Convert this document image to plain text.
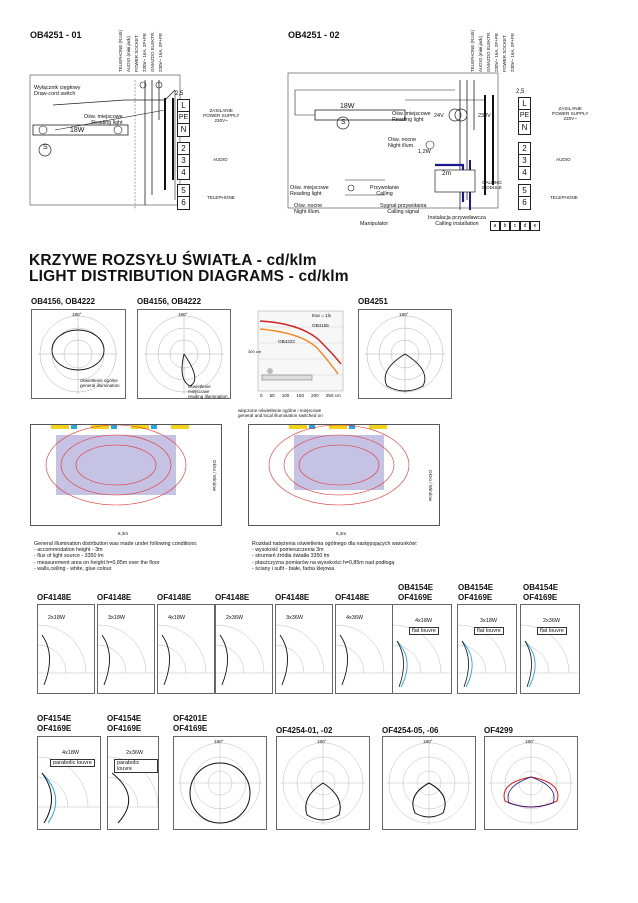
OB4251 - 01	OB4251 - 02
TELEPHONE (RJ45) AUDIO (mini jack) POWER SOCKET 230V~ 16A, 2P+PE GNIAZDO ELEKTR. 230V~ 16A, 2P+PE
Wyłącznik cięgłowy
Draw-cord switch
Ośw. miejscowe
Reading light
18W
S
2,5
L
PE
N
2
3
4
5
6
ZASILANIE
POWER SUPPLY
230V~
AUDIO
TELEPHONE
TELEPHONE (RJ45) AUDIO (mini jack) GNIAZDO ELEKTR. 230V~ 16A, 2P+PE POWER SOCKET 230V~ 16A, 2P+PE
18W
S
Ośw. miejscowe
Reading light
24V	230V
Ośw. nocne
Night illum.
1,2W
2m
CALLING MODULE
Ośw. miejscowe
Reading light
Ośw. nocne
Night illum.
Przywołanie
Calling
Sygnał przywołania
Calling signal
Manipulator
Instalacja przywoławcza
Calling installation	a	b	c	d	e
2,5
L
PE
N
2
3
4
5
6
ZASILANIE
POWER SUPPLY
230V~
AUDIO
TELEPHONE
KRZYWE ROZSYŁU ŚWIATŁA - cd/klm
LIGHT DISTRIBUTION DIAGRAMS - cd/klm
OB4156, OB4222	OB4156, OB4222	OB4251
180°
oświetlenie ogólne
general illumination
180°
oświetlenie miejscowe
reading illumination
Eav = 1lx
OB4156
OB4222
300 cm
0 50 100 150 200 250 cm
180°
włączone oświetlenie ogólne i miejscowe
general and local illumination switched on
Okno / Window	Okno / Window
6,3m	6,3m
General illumination distribution was made under following conditions:
- accommodation height - 3m
- flux of light source - 3350 lm
- measurement area on height h=0,85m over the floor
- walls,ceiling - white, glue colour
Rozkład natężenia oświetlenia ogólnego dla następujących warunków:
- wysokość pomieszczenia 3m
- strumień źródła światła 3350 lm
- płaszczyzna pomiarów na wysokości h=0,85m nad podłogą
- ściany i sufit - białe, farba klejowa
OF4148E	OF4148E	OF4148E	OF4148E	OF4148E	OF4148E
OB4154E
OF4169E
OB4154E
OF4169E
OB4154E
OF4169E
2x18W	3x18W	4x18W	2x36W	3x36W	4x36W	4x18W
flat louvre
3x18W
flat louvre
2x36W
flat louvre
OF4154E
OF4169E
OF4154E
OF4169E
OF4201E
OF4169E	OF4254-01, -02	OF4254-05, -06	OF4299
4x18W
parabolic louvre
2x36W
parabolic louvre
180°	180°	180°	180°
